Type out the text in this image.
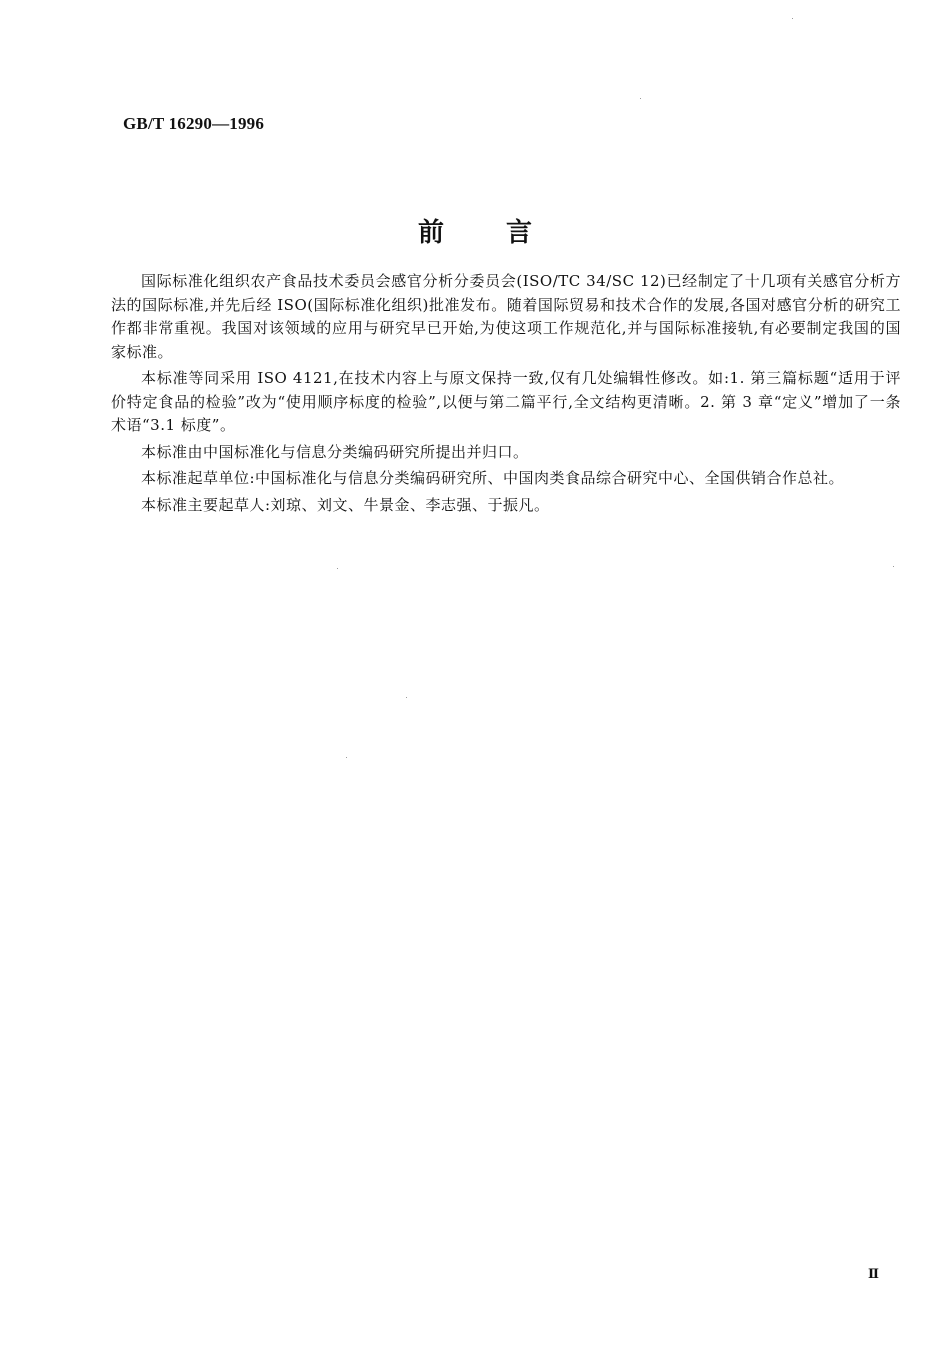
GB/T 16290—1996
前言

国际标准化组织农产食品技术委员会感官分析分委员会(ISO/TC 34/SC 12)已经制定了十几项有关感官分析方法的国际标准,并先后经 ISO(国际标准化组织)批准发布。随着国际贸易和技术合作的发展,各国对感官分析的研究工作都非常重视。我国对该领域的应用与研究早已开始,为使这项工作规范化,并与国际标准接轨,有必要制定我国的国家标准。

本标准等同采用 ISO 4121,在技术内容上与原文保持一致,仅有几处编辑性修改。如:1. 第三篇标题“适用于评价特定食品的检验”改为“使用顺序标度的检验”,以便与第二篇平行,全文结构更清晰。2. 第 3 章“定义”增加了一条术语“3.1 标度”。

本标准由中国标准化与信息分类编码研究所提出并归口。

本标准起草单位:中国标准化与信息分类编码研究所、中国肉类食品综合研究中心、全国供销合作总社。

本标准主要起草人:刘琼、刘文、牛景金、李志强、于振凡。

Ⅱ
